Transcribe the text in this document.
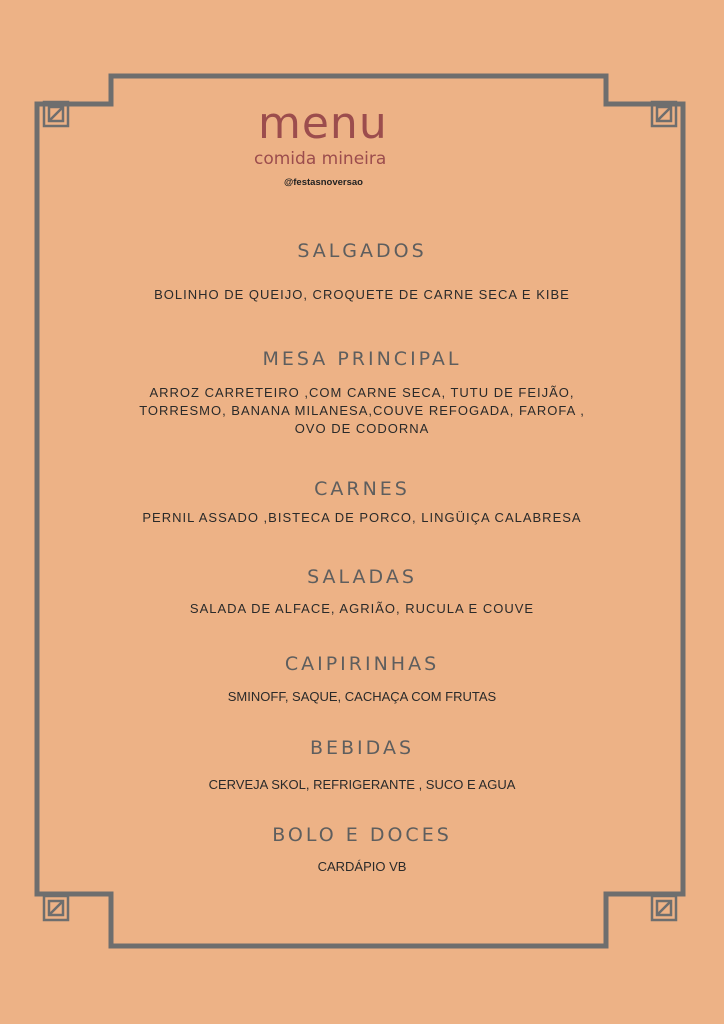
menu
comida mineira
@festasnoversao
SALGADOS
BOLINHO DE QUEIJO, CROQUETE DE CARNE SECA E KIBE
MESA PRINCIPAL
ARROZ CARRETEIRO ,COM CARNE SECA, TUTU DE FEIJÃO,
TORRESMO, BANANA MILANESA,COUVE REFOGADA, FAROFA ,
OVO DE CODORNA
CARNES
PERNIL ASSADO ,BISTECA DE PORCO, LINGÜIÇA CALABRESA
SALADAS
SALADA DE ALFACE, AGRIÃO, RUCULA E COUVE
CAIPIRINHAS
SMINOFF, SAQUE, CACHAÇA COM FRUTAS
BEBIDAS
CERVEJA SKOL, REFRIGERANTE , SUCO E AGUA
BOLO E DOCES
CARDÁPIO VB
